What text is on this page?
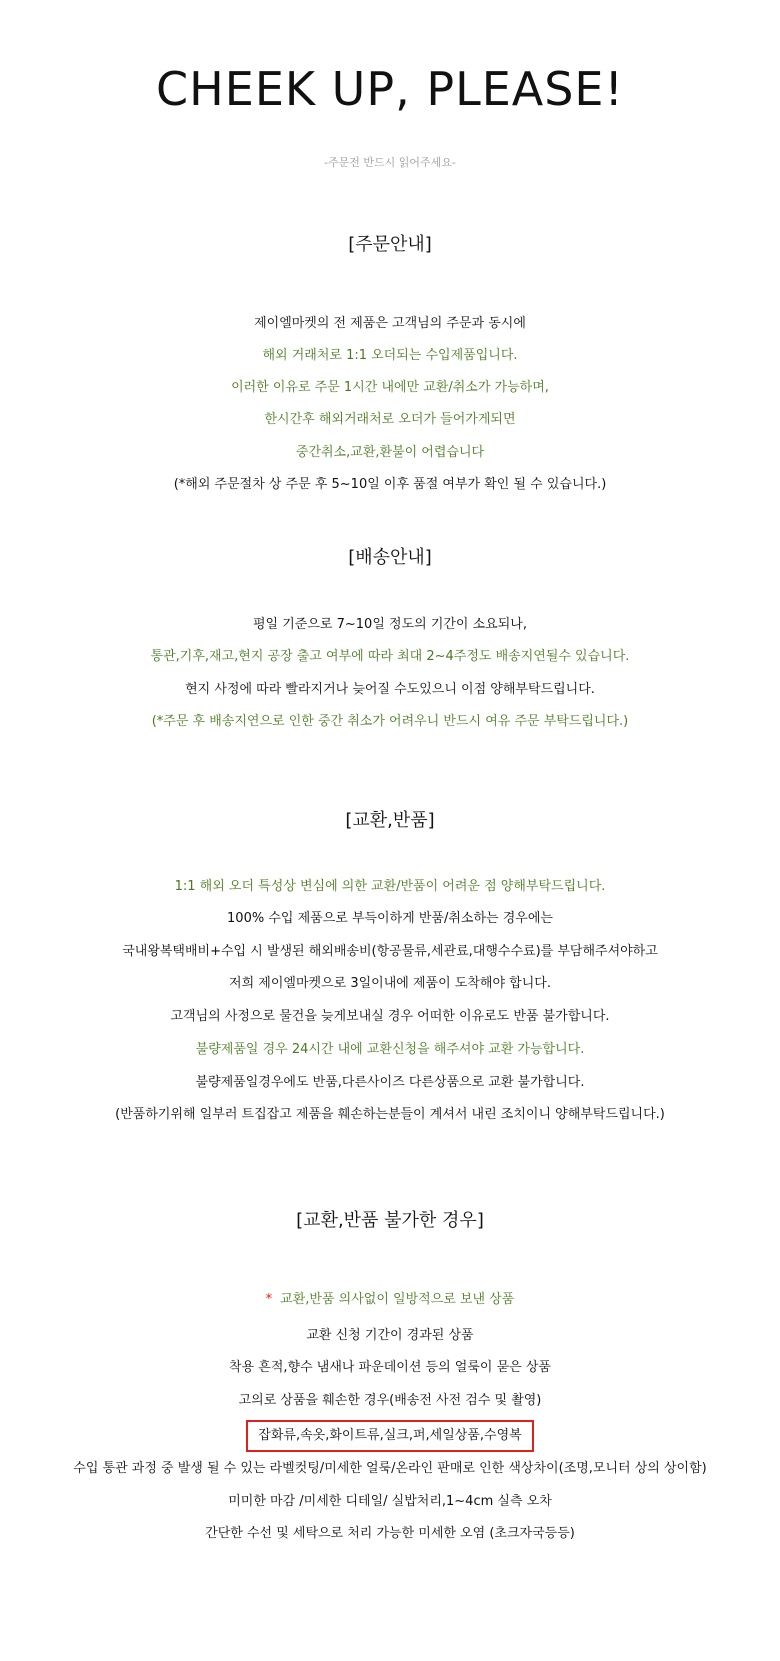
CHEEK UP, PLEASE!
-주문전 반드시 읽어주세요-
[주문안내]
제이엘마켓의 전 제품은 고객님의 주문과 동시에
해외 거래처로 1:1 오더되는 수입제품입니다.
이러한 이유로 주문 1시간 내에만 교환/취소가 가능하며,
한시간후 해외거래처로 오더가 들어가게되면
중간취소,교환,환불이 어렵습니다
(*해외 주문절차 상 주문 후 5~10일 이후 품절 여부가 확인 될 수 있습니다.)
[배송안내]
평일 기준으로 7~10일 정도의 기간이 소요되나,
통관,기후,재고,현지 공장 출고 여부에 따라 최대 2~4주정도 배송지연될수 있습니다.
현지 사정에 따라 빨라지거나 늦어질 수도있으니 이점 양해부탁드립니다.
(*주문 후 배송지연으로 인한 중간 취소가 어려우니 반드시 여유 주문 부탁드립니다.)
[교환,반품]
1:1 해외 오더 특성상 변심에 의한 교환/반품이 어려운 점 양해부탁드립니다.
100% 수입 제품으로 부득이하게 반품/취소하는 경우에는
국내왕복택배비+수입 시 발생된 해외배송비(항공물류,세관료,대행수수료)를 부담해주셔야하고
저희 제이엘마켓으로 3일이내에 제품이 도착해야 합니다.
고객님의 사정으로 물건을 늦게보내실 경우 어떠한 이유로도 반품 불가합니다.
불량제품일 경우 24시간 내에 교환신청을 해주셔야 교환 가능합니다.
불량제품일경우에도 반품,다른사이즈 다른상품으로 교환 불가합니다.
(반품하기위해 일부러 트집잡고 제품을 훼손하는분들이 계셔서 내린 조치이니 양해부탁드립니다.)
[교환,반품 불가한 경우]
* 교환,반품 의사없이 일방적으로 보낸 상품
교환 신청 기간이 경과된 상품
착용 흔적,향수 냄새나 파운데이션 등의 얼룩이 묻은 상품
고의로 상품을 훼손한 경우(배송전 사전 검수 및 촬영)
잡화류,속옷,화이트류,실크,퍼,세일상품,수영복
수입 통관 과정 중 발생 될 수 있는 라벨컷팅/미세한 얼룩/온라인 판매로 인한 색상차이(조명,모니터 상의 상이함)
미미한 마감 /미세한 디테일/ 실밥처리,1~4cm 실측 오차
간단한 수선 및 세탁으로 처리 가능한 미세한 오염 (초크자국등등)
